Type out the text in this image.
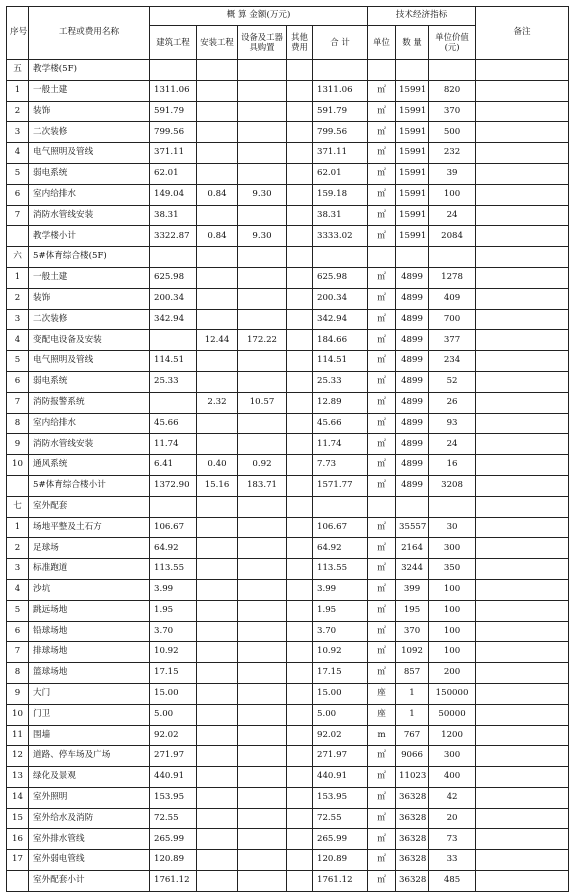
序号	工程或费用名称	概 算 金额(万元)					技术经济指标			备注
		建筑工程	安装工程	设备及工器具购置	其他费用	合 计	单位	数 量	单位价值(元)	
五	教学楼(5F)									
1	一般土建	1311.06				1311.06	㎡	15991	820	
2	装饰	591.79				591.79	㎡	15991	370	
3	二次装修	799.56				799.56	㎡	15991	500	
4	电气照明及管线	371.11				371.11	㎡	15991	232	
5	弱电系统	62.01				62.01	㎡	15991	39	
6	室内给排水	149.04	0.84	9.30		159.18	㎡	15991	100	
7	消防水管线安装	38.31				38.31	㎡	15991	24	
	教学楼小计	3322.87	0.84	9.30		3333.02	㎡	15991	2084	
六	5#体育综合楼(5F)									
1	一般土建	625.98				625.98	㎡	4899	1278	
2	装饰	200.34				200.34	㎡	4899	409	
3	二次装修	342.94				342.94	㎡	4899	700	
4	变配电设备及安装		12.44	172.22		184.66	㎡	4899	377	
5	电气照明及管线	114.51				114.51	㎡	4899	234	
6	弱电系统	25.33				25.33	㎡	4899	52	
7	消防报警系统		2.32	10.57		12.89	㎡	4899	26	
8	室内给排水	45.66				45.66	㎡	4899	93	
9	消防水管线安装	11.74				11.74	㎡	4899	24	
10	通风系统	6.41	0.40	0.92		7.73	㎡	4899	16	
	5#体育综合楼小计	1372.90	15.16	183.71		1571.77	㎡	4899	3208	
七	室外配套									
1	场地平整及土石方	106.67				106.67	㎡	35557	30	
2	足球场	64.92				64.92	㎡	2164	300	
3	标准跑道	113.55				113.55	㎡	3244	350	
4	沙坑	3.99				3.99	㎡	399	100	
5	跳远场地	1.95				1.95	㎡	195	100	
6	铅球场地	3.70				3.70	㎡	370	100	
7	排球场地	10.92				10.92	㎡	1092	100	
8	篮球场地	17.15				17.15	㎡	857	200	
9	大门	15.00				15.00	座	1	150000	
10	门卫	5.00				5.00	座	1	50000	
11	围墙	92.02				92.02	m	767	1200	
12	道路、停车场及广场	271.97				271.97	㎡	9066	300	
13	绿化及景观	440.91				440.91	㎡	11023	400	
14	室外照明	153.95				153.95	㎡	36328	42	
15	室外给水及消防	72.55				72.55	㎡	36328	20	
16	室外排水管线	265.99				265.99	㎡	36328	73	
17	室外弱电管线	120.89				120.89	㎡	36328	33	
	室外配套小计	1761.12				1761.12	㎡	36328	485	
